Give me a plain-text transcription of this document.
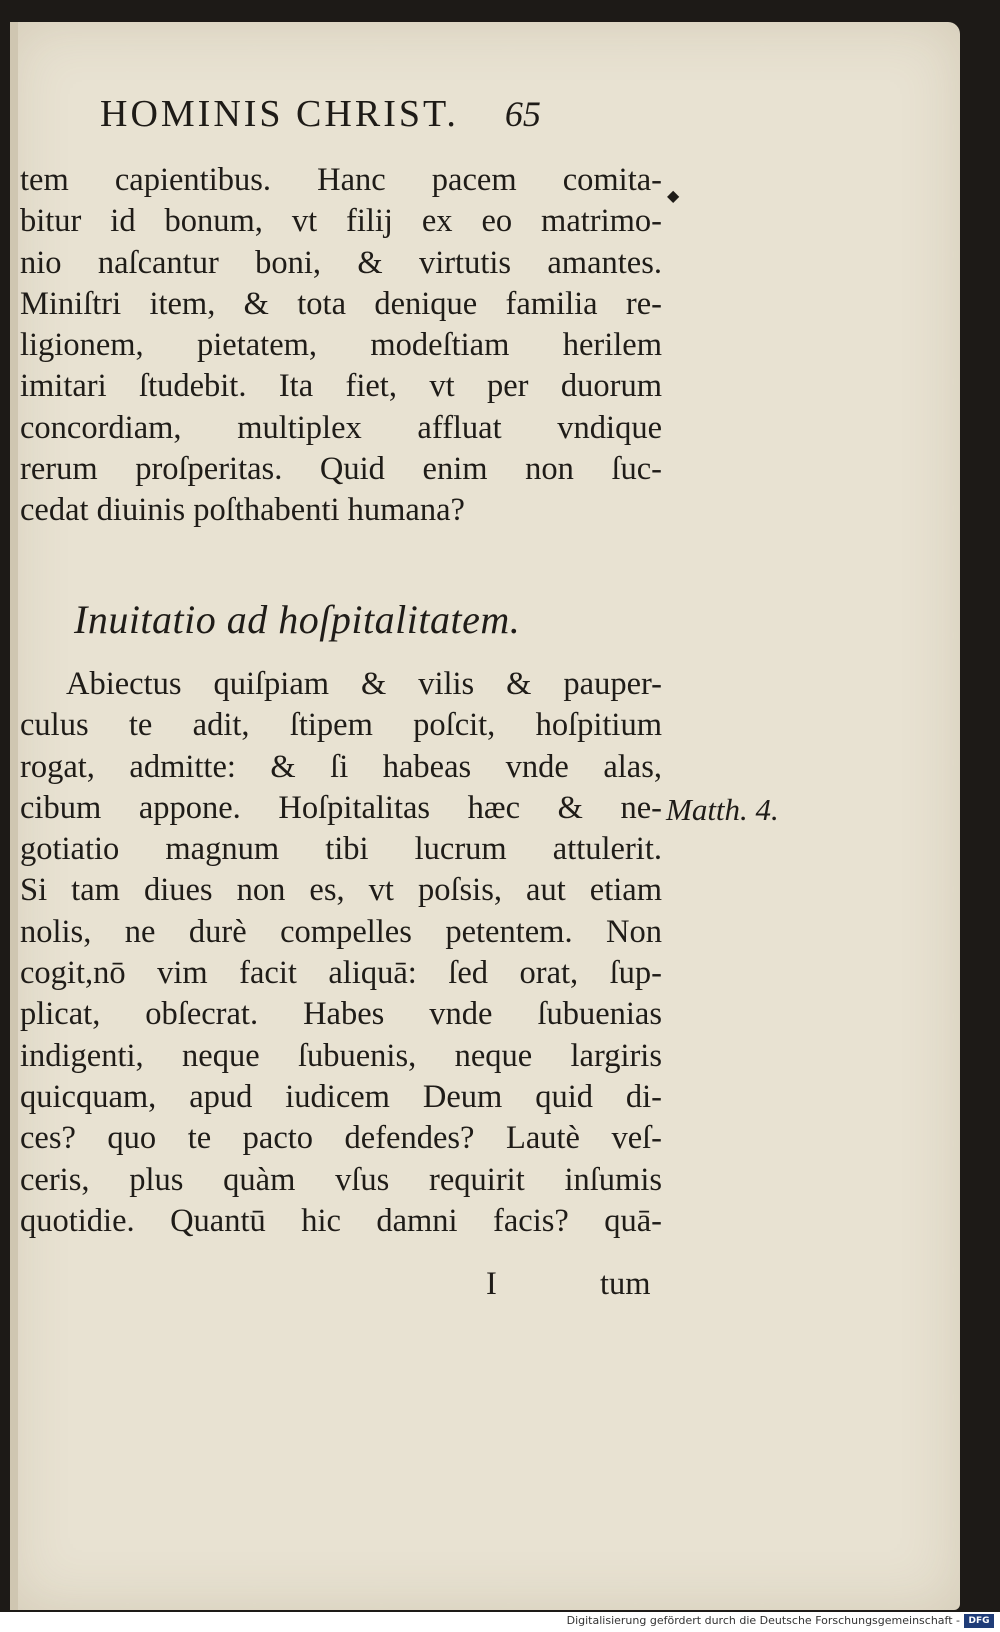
HOMINIS CHRIST. 65
◆
tem capientibus. Hanc pacem comita-
bitur id bonum, vt filij ex eo matrimo-
nio naſcantur boni, & virtutis amantes.
Miniſtri item, & tota denique familia re-
ligionem, pietatem, modeſtiam herilem
imitari ſtudebit. Ita fiet, vt per duorum
concordiam, multiplex affluat vndique
rerum proſperitas. Quid enim non ſuc-
cedat diuinis poſthabenti humana?
Inuitatio ad hoſpitalitatem.
Abiectus quiſpiam & vilis & pauper-
culus te adit, ſtipem poſcit, hoſpitium
rogat, admitte: & ſi habeas vnde alas,
cibum appone. Hoſpitalitas hæc & ne-
gotiatio magnum tibi lucrum attulerit.
Si tam diues non es, vt poſsis, aut etiam
nolis, ne durè compelles petentem. Non
cogit,nō vim facit aliquā: ſed orat, ſup-
plicat, obſecrat. Habes vnde ſubuenias
indigenti, neque ſubuenis, neque largiris
quicquam, apud iudicem Deum quid di-
ces? quo te pacto defendes? Lautè veſ-
ceris, plus quàm vſus requirit inſumis
quotidie. Quantū hic damni facis? quā-
Matth. 4.
I	tum
Digitalisierung gefördert durch die Deutsche Forschungsgemeinschaft - DFG
